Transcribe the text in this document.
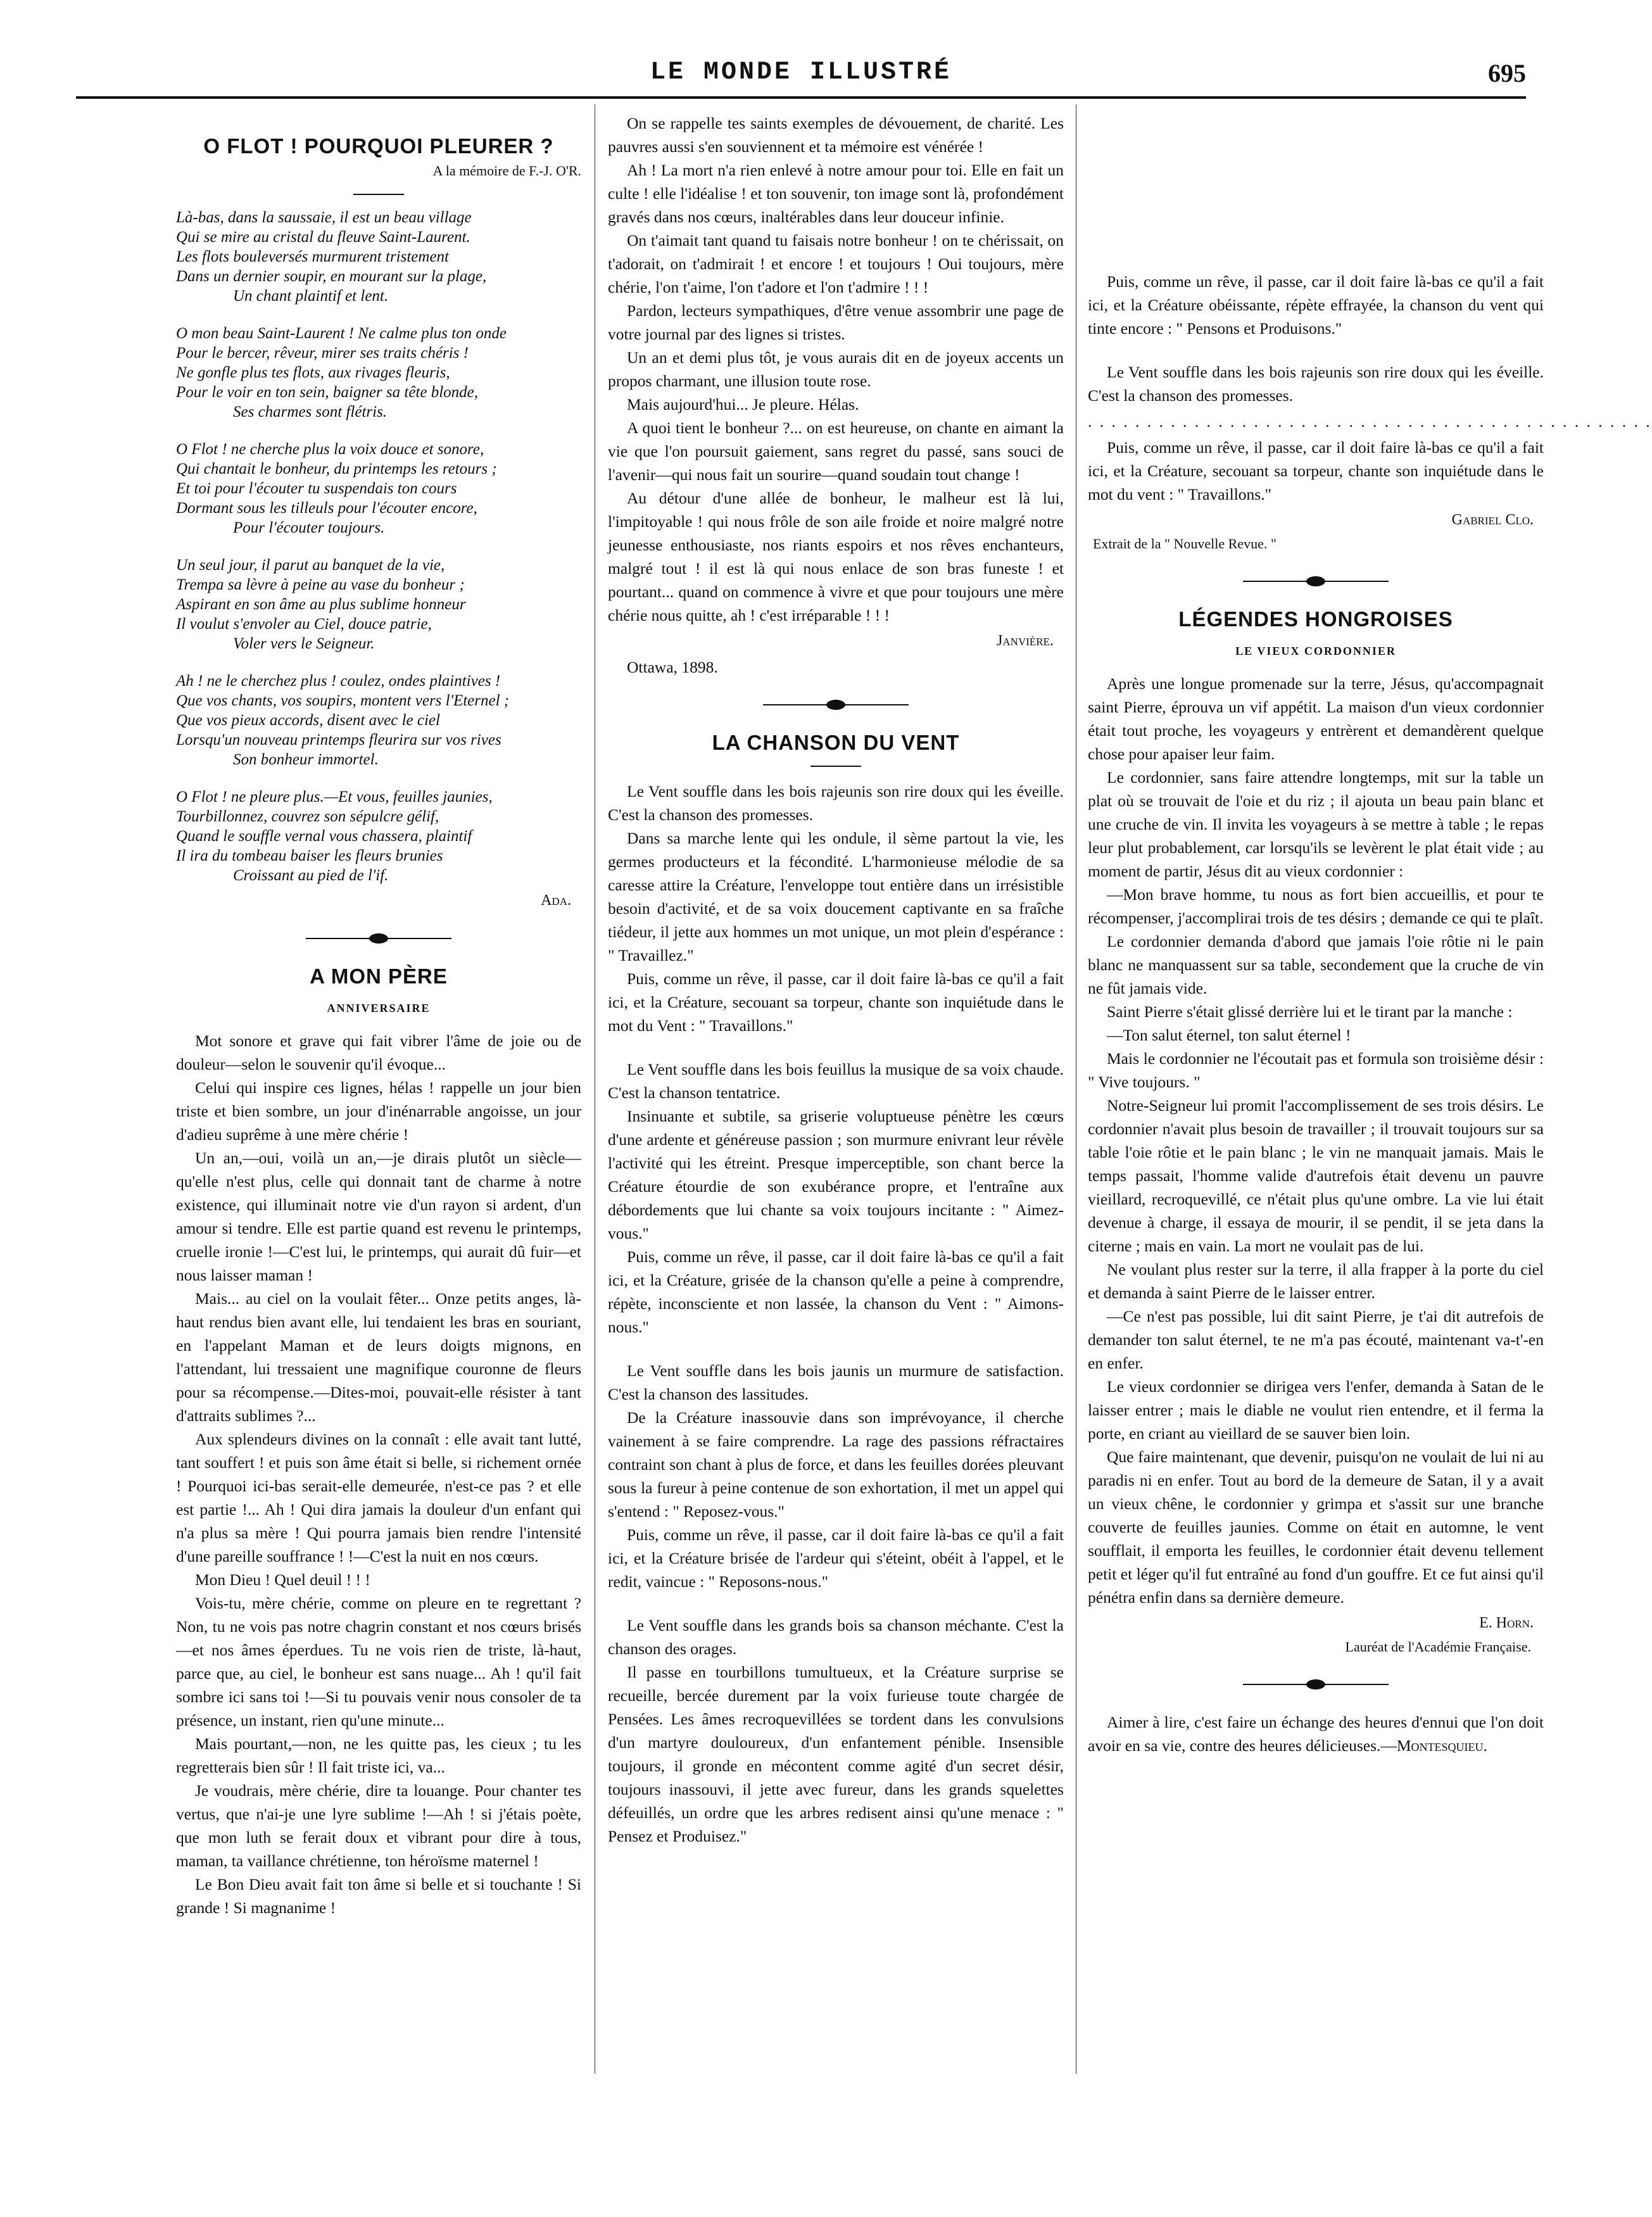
LE MONDE ILLUSTRÉ	695
O FLOT ! POURQUOI PLEURER ?
A la mémoire de F.-J. O'R.
Là-bas, dans la saussaie, il est un beau village
Qui se mire au cristal du fleuve Saint-Laurent.
Les flots bouleversés murmurent tristement
Dans un dernier soupir, en mourant sur la plage,
Un chant plaintif et lent.
O mon beau Saint-Laurent ! Ne calme plus ton onde
Pour le bercer, rêveur, mirer ses traits chéris !
Ne gonfle plus tes flots, aux rivages fleuris,
Pour le voir en ton sein, baigner sa tête blonde,
Ses charmes sont flétris.
O Flot ! ne cherche plus la voix douce et sonore,
Qui chantait le bonheur, du printemps les retours ;
Et toi pour l'écouter tu suspendais ton cours
Dormant sous les tilleuls pour l'écouter encore,
Pour l'écouter toujours.
Un seul jour, il parut au banquet de la vie,
Trempa sa lèvre à peine au vase du bonheur ;
Aspirant en son âme au plus sublime honneur
Il voulut s'envoler au Ciel, douce patrie,
Voler vers le Seigneur.
Ah ! ne le cherchez plus ! coulez, ondes plaintives !
Que vos chants, vos soupirs, montent vers l'Eternel ;
Que vos pieux accords, disent avec le ciel
Lorsqu'un nouveau printemps fleurira sur vos rives
Son bonheur immortel.
O Flot ! ne pleure plus.—Et vous, feuilles jaunies,
Tourbillonnez, couvrez son sépulcre gélif,
Quand le souffle vernal vous chassera, plaintif
Il ira du tombeau baiser les fleurs brunies
Croissant au pied de l'if.
Ada.
A MON PÈRE
ANNIVERSAIRE

Mot sonore et grave qui fait vibrer l'âme de joie ou de douleur—selon le souvenir qu'il évoque...

Celui qui inspire ces lignes, hélas ! rappelle un jour bien triste et bien sombre, un jour d'inénarrable angoisse, un jour d'adieu suprême à une mère chérie !

Un an,—oui, voilà un an,—je dirais plutôt un siècle—qu'elle n'est plus, celle qui donnait tant de charme à notre existence, qui illuminait notre vie d'un rayon si ardent, d'un amour si tendre. Elle est partie quand est revenu le printemps, cruelle ironie !—C'est lui, le printemps, qui aurait dû fuir—et nous laisser maman !

Mais... au ciel on la voulait fêter... Onze petits anges, là-haut rendus bien avant elle, lui tendaient les bras en souriant, en l'appelant Maman et de leurs doigts mignons, en l'attendant, lui tressaient une magnifique couronne de fleurs pour sa récompense.—Dites-moi, pouvait-elle résister à tant d'attraits sublimes ?...

Aux splendeurs divines on la connaît : elle avait tant lutté, tant souffert ! et puis son âme était si belle, si richement ornée ! Pourquoi ici-bas serait-elle demeurée, n'est-ce pas ? et elle est partie !... Ah ! Qui dira jamais la douleur d'un enfant qui n'a plus sa mère ! Qui pourra jamais bien rendre l'intensité d'une pareille souffrance ! !—C'est la nuit en nos cœurs.

Mon Dieu ! Quel deuil ! ! !

Vois-tu, mère chérie, comme on pleure en te regrettant ? Non, tu ne vois pas notre chagrin constant et nos cœurs brisés—et nos âmes éperdues. Tu ne vois rien de triste, là-haut, parce que, au ciel, le bonheur est sans nuage... Ah ! qu'il fait sombre ici sans toi !—Si tu pouvais venir nous consoler de ta présence, un instant, rien qu'une minute...

Mais pourtant,—non, ne les quitte pas, les cieux ; tu les regretterais bien sûr ! Il fait triste ici, va...

Je voudrais, mère chérie, dire ta louange. Pour chanter tes vertus, que n'ai-je une lyre sublime !—Ah ! si j'étais poète, que mon luth se ferait doux et vibrant pour dire à tous, maman, ta vaillance chrétienne, ton héroïsme maternel !

Le Bon Dieu avait fait ton âme si belle et si touchante ! Si grande ! Si magnanime !

On se rappelle tes saints exemples de dévouement, de charité. Les pauvres aussi s'en souviennent et ta mémoire est vénérée !

Ah ! La mort n'a rien enlevé à notre amour pour toi. Elle en fait un culte ! elle l'idéalise ! et ton souvenir, ton image sont là, profondément gravés dans nos cœurs, inaltérables dans leur douceur infinie.

On t'aimait tant quand tu faisais notre bonheur ! on te chérissait, on t'adorait, on t'admirait ! et encore ! et toujours ! Oui toujours, mère chérie, l'on t'aime, l'on t'adore et l'on t'admire ! ! !

Pardon, lecteurs sympathiques, d'être venue assombrir une page de votre journal par des lignes si tristes.

Un an et demi plus tôt, je vous aurais dit en de joyeux accents un propos charmant, une illusion toute rose.

Mais aujourd'hui... Je pleure. Hélas.

A quoi tient le bonheur ?... on est heureuse, on chante en aimant la vie que l'on poursuit gaiement, sans regret du passé, sans souci de l'avenir—qui nous fait un sourire—quand soudain tout change !

Au détour d'une allée de bonheur, le malheur est là lui, l'impitoyable ! qui nous frôle de son aile froide et noire malgré notre jeunesse enthousiaste, nos riants espoirs et nos rêves enchanteurs, malgré tout ! il est là qui nous enlace de son bras funeste ! et pourtant... quand on commence à vivre et que pour toujours une mère chérie nous quitte, ah ! c'est irréparable ! ! !

Janvière.
Ottawa, 1898.
LA CHANSON DU VENT

Le Vent souffle dans les bois rajeunis son rire doux qui les éveille. C'est la chanson des promesses.

Dans sa marche lente qui les ondule, il sème partout la vie, les germes producteurs et la fécondité. L'harmonieuse mélodie de sa caresse attire la Créature, l'enveloppe tout entière dans un irrésistible besoin d'activité, et de sa voix doucement captivante en sa fraîche tiédeur, il jette aux hommes un mot unique, un mot plein d'espérance : " Travaillez."

Puis, comme un rêve, il passe, car il doit faire là-bas ce qu'il a fait ici, et la Créature, secouant sa torpeur, chante son inquiétude dans le mot du Vent : " Travaillons."

Le Vent souffle dans les bois feuillus la musique de sa voix chaude. C'est la chanson tentatrice.

Insinuante et subtile, sa griserie voluptueuse pénètre les cœurs d'une ardente et généreuse passion ; son murmure enivrant leur révèle l'activité qui les étreint. Presque imperceptible, son chant berce la Créature étourdie de son exubérance propre, et l'entraîne aux débordements que lui chante sa voix toujours incitante : " Aimez-vous."

Puis, comme un rêve, il passe, car il doit faire là-bas ce qu'il a fait ici, et la Créature, grisée de la chanson qu'elle a peine à comprendre, répète, inconsciente et non lassée, la chanson du Vent : " Aimons-nous."

Le Vent souffle dans les bois jaunis un murmure de satisfaction. C'est la chanson des lassitudes.

De la Créature inassouvie dans son imprévoyance, il cherche vainement à se faire comprendre. La rage des passions réfractaires contraint son chant à plus de force, et dans les feuilles dorées pleuvant sous la fureur à peine contenue de son exhortation, il met un appel qui s'entend : " Reposez-vous."

Puis, comme un rêve, il passe, car il doit faire là-bas ce qu'il a fait ici, et la Créature brisée de l'ardeur qui s'éteint, obéit à l'appel, et le redit, vaincue : " Reposons-nous."

Le Vent souffle dans les grands bois sa chanson méchante. C'est la chanson des orages.

Il passe en tourbillons tumultueux, et la Créature surprise se recueille, bercée durement par la voix furieuse toute chargée de Pensées. Les âmes recroquevillées se tordent dans les convulsions d'un martyre douloureux, d'un enfantement pénible. Insensible toujours, il gronde en mécontent comme agité d'un secret désir, toujours inassouvi, il jette avec fureur, dans les grands squelettes défeuillés, un ordre que les arbres redisent ainsi qu'une menace : " Pensez et Produisez."

Puis, comme un rêve, il passe, car il doit faire là-bas ce qu'il a fait ici, et la Créature obéissante, répète effrayée, la chanson du vent qui tinte encore : " Pensons et Produisons."

Le Vent souffle dans les bois rajeunis son rire doux qui les éveille. C'est la chanson des promesses.

. . . . . . . . . . . . . . . . . . . . . . . . . . . . . . . . . . . . . . . . . . . . . . . .

Puis, comme un rêve, il passe, car il doit faire là-bas ce qu'il a fait ici, et la Créature, secouant sa torpeur, chante son inquiétude dans le mot du vent : " Travaillons."

Gabriel Clo.
Extrait de la " Nouvelle Revue. "
LÉGENDES HONGROISES
LE VIEUX CORDONNIER

Après une longue promenade sur la terre, Jésus, qu'accompagnait saint Pierre, éprouva un vif appétit. La maison d'un vieux cordonnier était tout proche, les voyageurs y entrèrent et demandèrent quelque chose pour apaiser leur faim.

Le cordonnier, sans faire attendre longtemps, mit sur la table un plat où se trouvait de l'oie et du riz ; il ajouta un beau pain blanc et une cruche de vin. Il invita les voyageurs à se mettre à table ; le repas leur plut probablement, car lorsqu'ils se levèrent le plat était vide ; au moment de partir, Jésus dit au vieux cordonnier :

—Mon brave homme, tu nous as fort bien accueillis, et pour te récompenser, j'accomplirai trois de tes désirs ; demande ce qui te plaît.

Le cordonnier demanda d'abord que jamais l'oie rôtie ni le pain blanc ne manquassent sur sa table, secondement que la cruche de vin ne fût jamais vide.

Saint Pierre s'était glissé derrière lui et le tirant par la manche :

—Ton salut éternel, ton salut éternel !

Mais le cordonnier ne l'écoutait pas et formula son troisième désir : " Vive toujours. "

Notre-Seigneur lui promit l'accomplissement de ses trois désirs. Le cordonnier n'avait plus besoin de travailler ; il trouvait toujours sur sa table l'oie rôtie et le pain blanc ; le vin ne manquait jamais. Mais le temps passait, l'homme valide d'autrefois était devenu un pauvre vieillard, recroquevillé, ce n'était plus qu'une ombre. La vie lui était devenue à charge, il essaya de mourir, il se pendit, il se jeta dans la citerne ; mais en vain. La mort ne voulait pas de lui.

Ne voulant plus rester sur la terre, il alla frapper à la porte du ciel et demanda à saint Pierre de le laisser entrer.

—Ce n'est pas possible, lui dit saint Pierre, je t'ai dit autrefois de demander ton salut éternel, te ne m'a pas écouté, maintenant va-t'-en en enfer.

Le vieux cordonnier se dirigea vers l'enfer, demanda à Satan de le laisser entrer ; mais le diable ne voulut rien entendre, et il ferma la porte, en criant au vieillard de se sauver bien loin.

Que faire maintenant, que devenir, puisqu'on ne voulait de lui ni au paradis ni en enfer. Tout au bord de la demeure de Satan, il y a avait un vieux chêne, le cordonnier y grimpa et s'assit sur une branche couverte de feuilles jaunies. Comme on était en automne, le vent soufflait, il emporta les feuilles, le cordonnier était devenu tellement petit et léger qu'il fut entraîné au fond d'un gouffre. Et ce fut ainsi qu'il pénétra enfin dans sa dernière demeure.

E. Horn.
Lauréat de l'Académie Française.

Aimer à lire, c'est faire un échange des heures d'ennui que l'on doit avoir en sa vie, contre des heures délicieuses.—Montesquieu.
